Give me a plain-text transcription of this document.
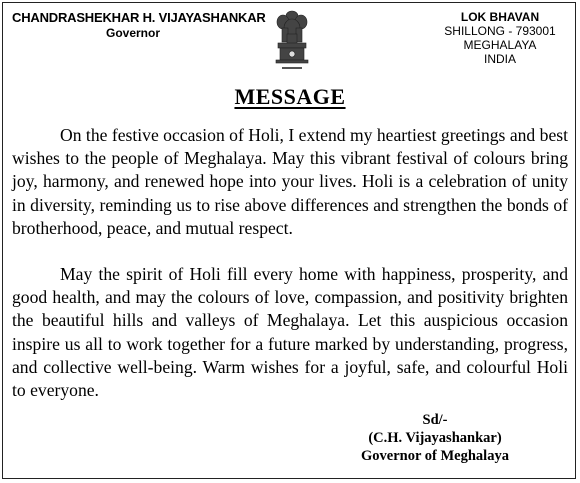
CHANDRASHEKHAR H. VIJAYASHANKAR
Governor
LOK BHAVAN
SHILLONG - 793001
MEGHALAYA
INDIA
MESSAGE

On the festive occasion of Holi, I extend my heartiest greetings and best wishes to the people of Meghalaya. May this vibrant festival of colours bring joy, harmony, and renewed hope into your lives. Holi is a celebration of unity in diversity, reminding us to rise above differences and strengthen the bonds of brotherhood, peace, and mutual respect.

May the spirit of Holi fill every home with happiness, prosperity, and good health, and may the colours of love, compassion, and positivity brighten the beautiful hills and valleys of Meghalaya. Let this auspicious occasion inspire us all to work together for a future marked by understanding, progress, and collective well-being. Warm wishes for a joyful, safe, and colourful Holi to everyone.

Sd/-
(C.H. Vijayashankar)
Governor of Meghalaya
